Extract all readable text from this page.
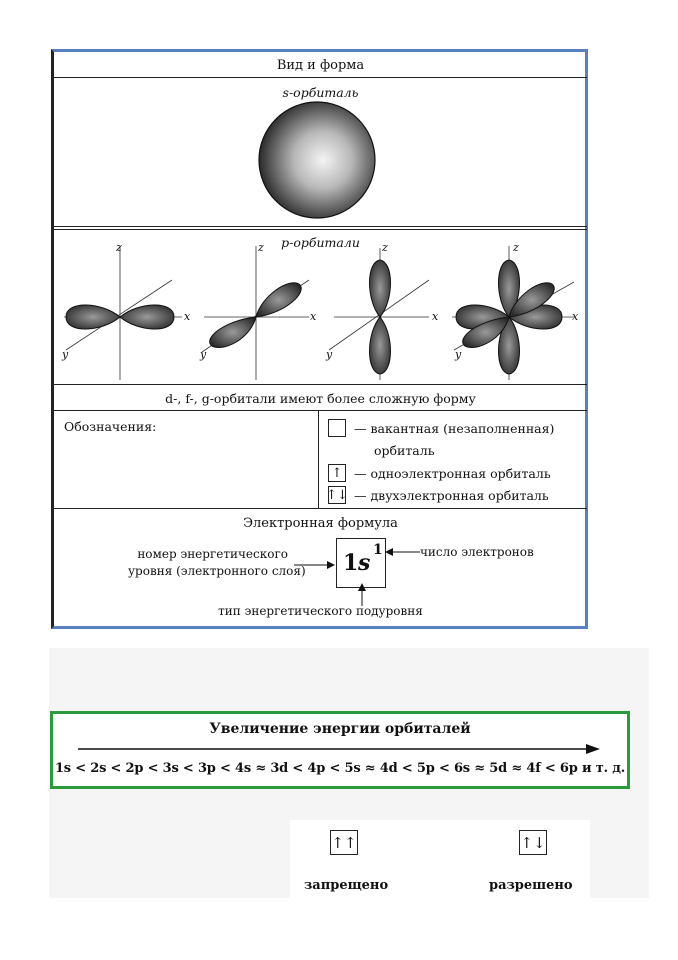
Вид и форма
s-орбиталь
p-орбитали
z
x
y
z
x
y
z
x
y
z
x
y
d-, f-, g-орбитали имеют более сложную форму
Обозначения:	— вакантная (незаполненная)
орбиталь
↑ — одноэлектронная орбиталь
↑↓ — двухэлектронная орбиталь
Электронная формула
номер энергетического
уровня (электронного слоя) 1 s 1	число электронов
тип энергетического подуровня
Увеличение энергии орбиталей
1s < 2s < 2p < 3s < 3p < 4s ≈ 3d < 4p < 5s ≈ 4d < 5p < 6s ≈ 5d ≈ 4f < 6p и т. д.
↑↑
запрещено
↑↓
разрешено
